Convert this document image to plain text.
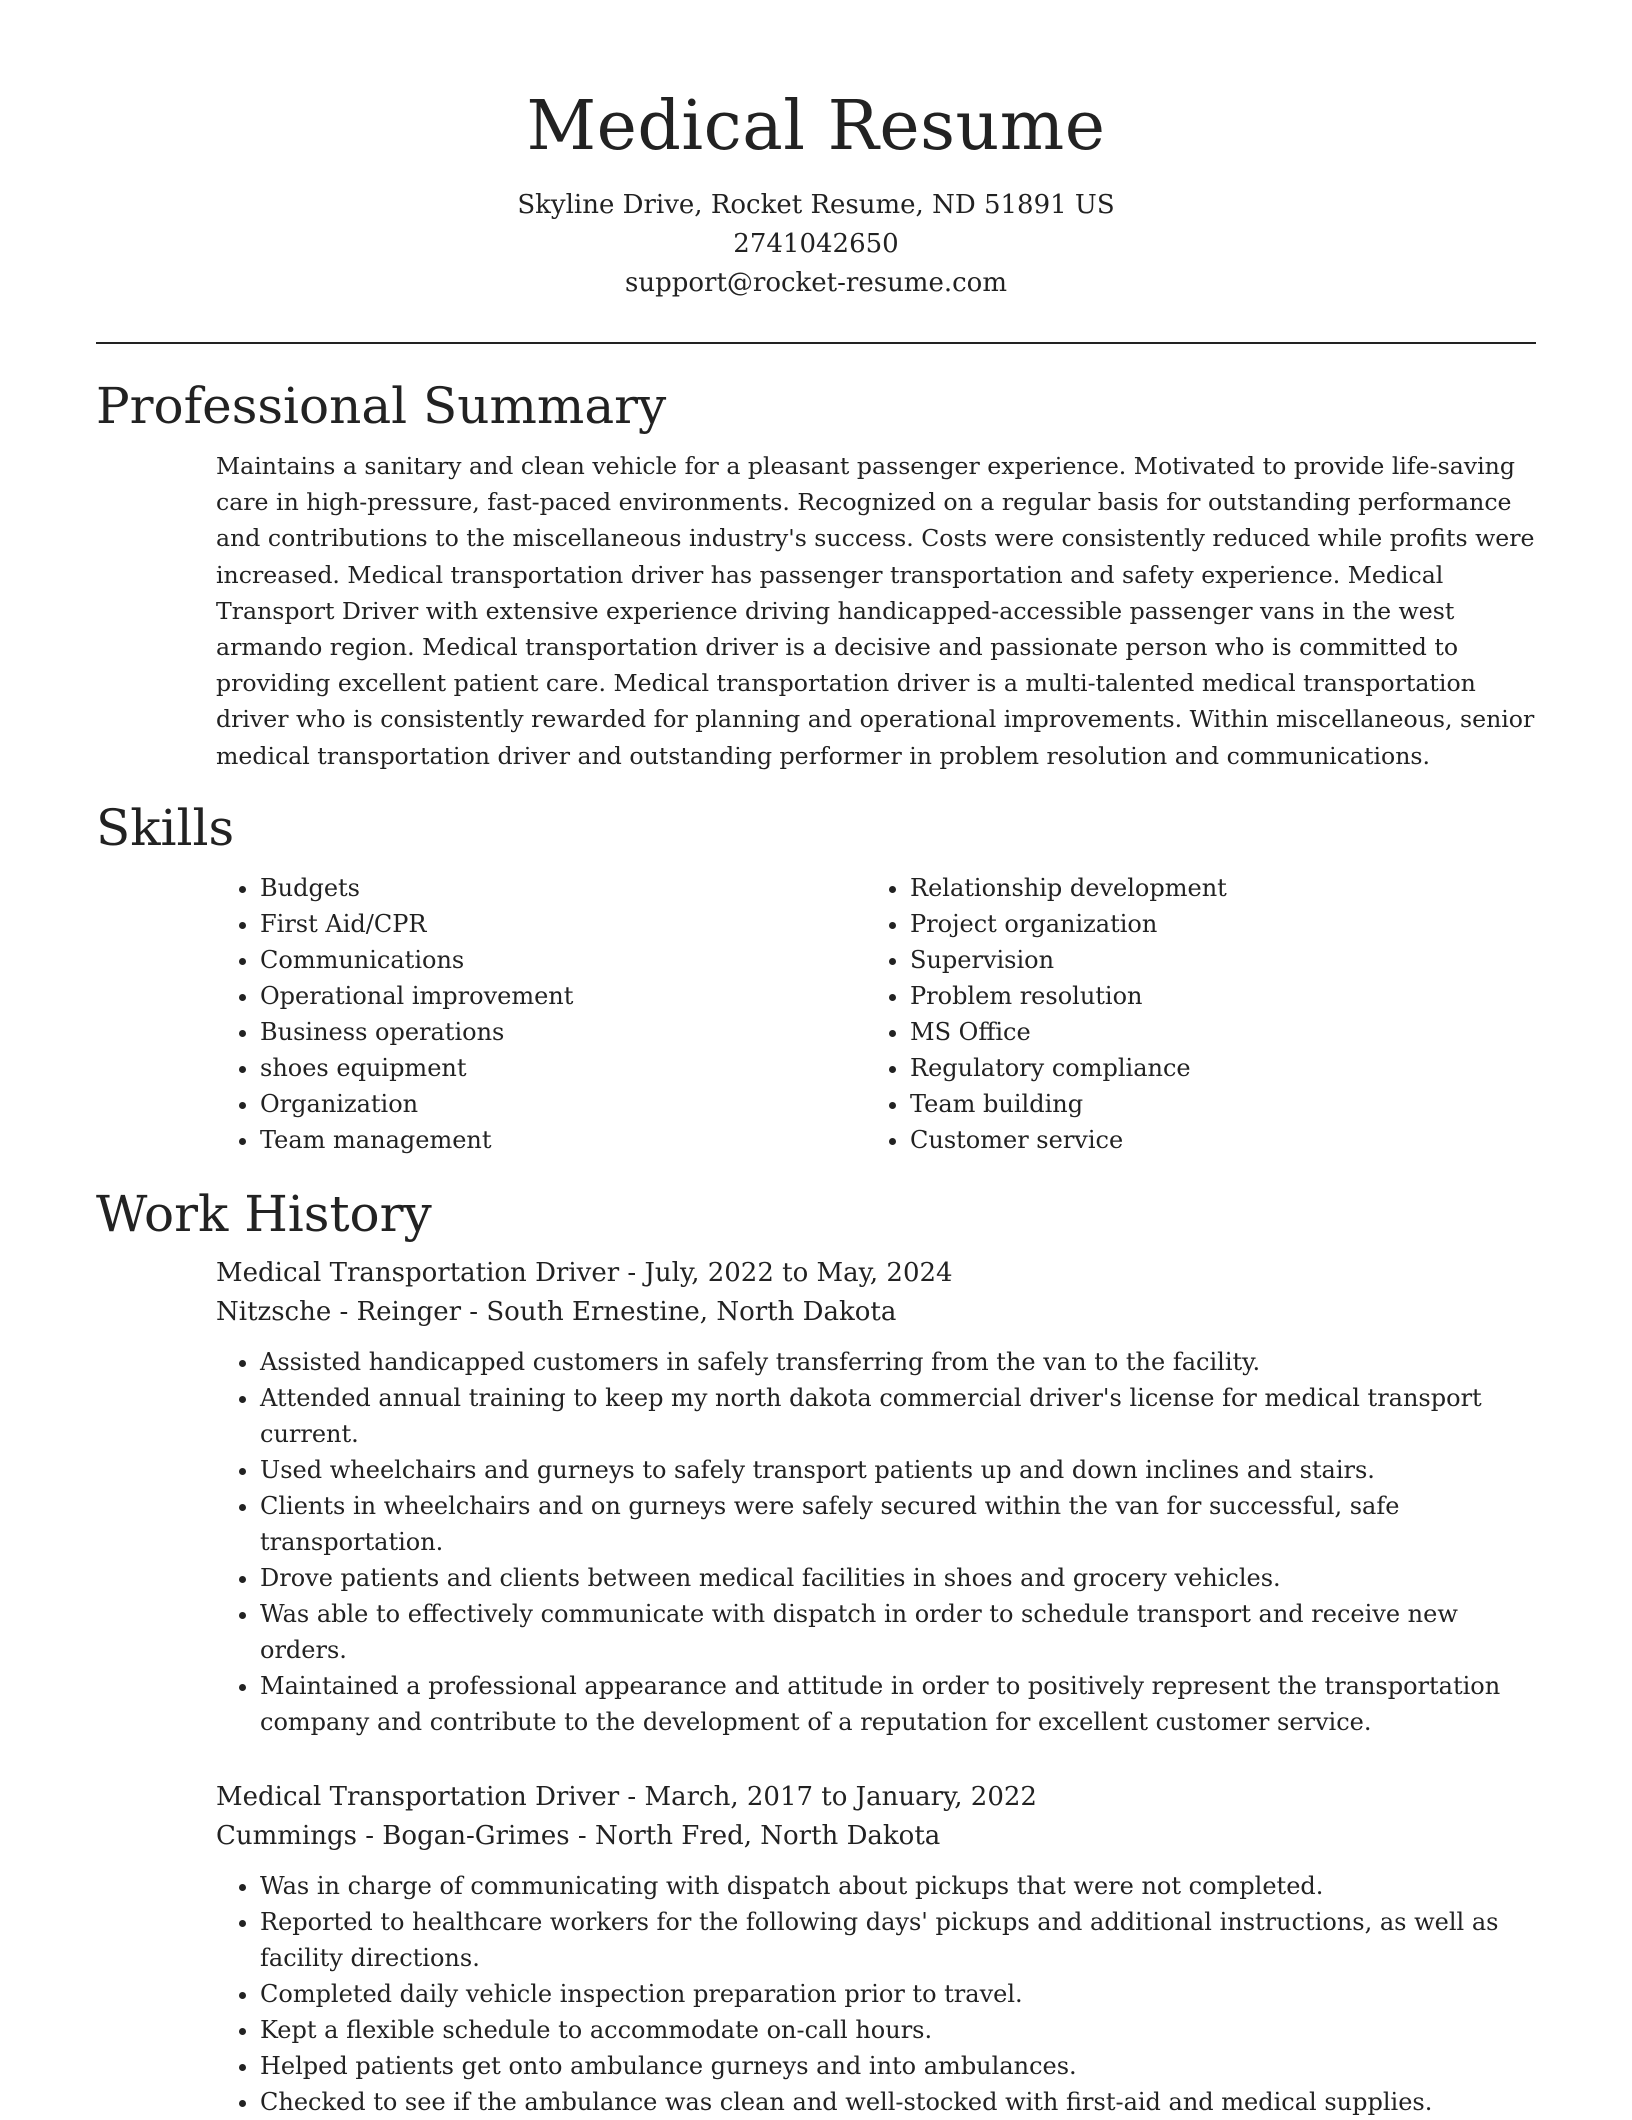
Medical Resume
Skyline Drive, Rocket Resume, ND 51891 US
2741042650
support@rocket-resume.com
Professional Summary

Maintains a sanitary and clean vehicle for a pleasant passenger experience. Motivated to provide life-saving care in high-pressure, fast-paced environments. Recognized on a regular basis for outstanding performance and contributions to the miscellaneous industry's success. Costs were consistently reduced while profits were increased. Medical transportation driver has passenger transportation and safety experience. Medical Transport Driver with extensive experience driving handicapped-accessible passenger vans in the west armando region. Medical transportation driver is a decisive and passionate person who is committed to providing excellent patient care. Medical transportation driver is a multi-talented medical transportation driver who is consistently rewarded for planning and operational improvements. Within miscellaneous, senior medical transportation driver and outstanding performer in problem resolution and communications.

Skills
• Budgets
• First Aid/CPR
• Communications
• Operational improvement
• Business operations
• shoes equipment
• Organization
• Team management
• Relationship development
• Project organization
• Supervision
• Problem resolution
• MS Office
• Regulatory compliance
• Team building
• Customer service
Work History
Medical Transportation Driver - July, 2022 to May, 2024
Nitzsche - Reinger - South Ernestine, North Dakota
• Assisted handicapped customers in safely transferring from the van to the facility.
• Attended annual training to keep my north dakota commercial driver's license for medical transport current.
• Used wheelchairs and gurneys to safely transport patients up and down inclines and stairs.
• Clients in wheelchairs and on gurneys were safely secured within the van for successful, safe transportation.
• Drove patients and clients between medical facilities in shoes and grocery vehicles.
• Was able to effectively communicate with dispatch in order to schedule transport and receive new orders.
• Maintained a professional appearance and attitude in order to positively represent the transportation company and contribute to the development of a reputation for excellent customer service.
Medical Transportation Driver - March, 2017 to January, 2022
Cummings - Bogan-Grimes - North Fred, North Dakota
• Was in charge of communicating with dispatch about pickups that were not completed.
• Reported to healthcare workers for the following days' pickups and additional instructions, as well as facility directions.
• Completed daily vehicle inspection preparation prior to travel.
• Kept a flexible schedule to accommodate on-call hours.
• Helped patients get onto ambulance gurneys and into ambulances.
• Checked to see if the ambulance was clean and well-stocked with first-aid and medical supplies.
